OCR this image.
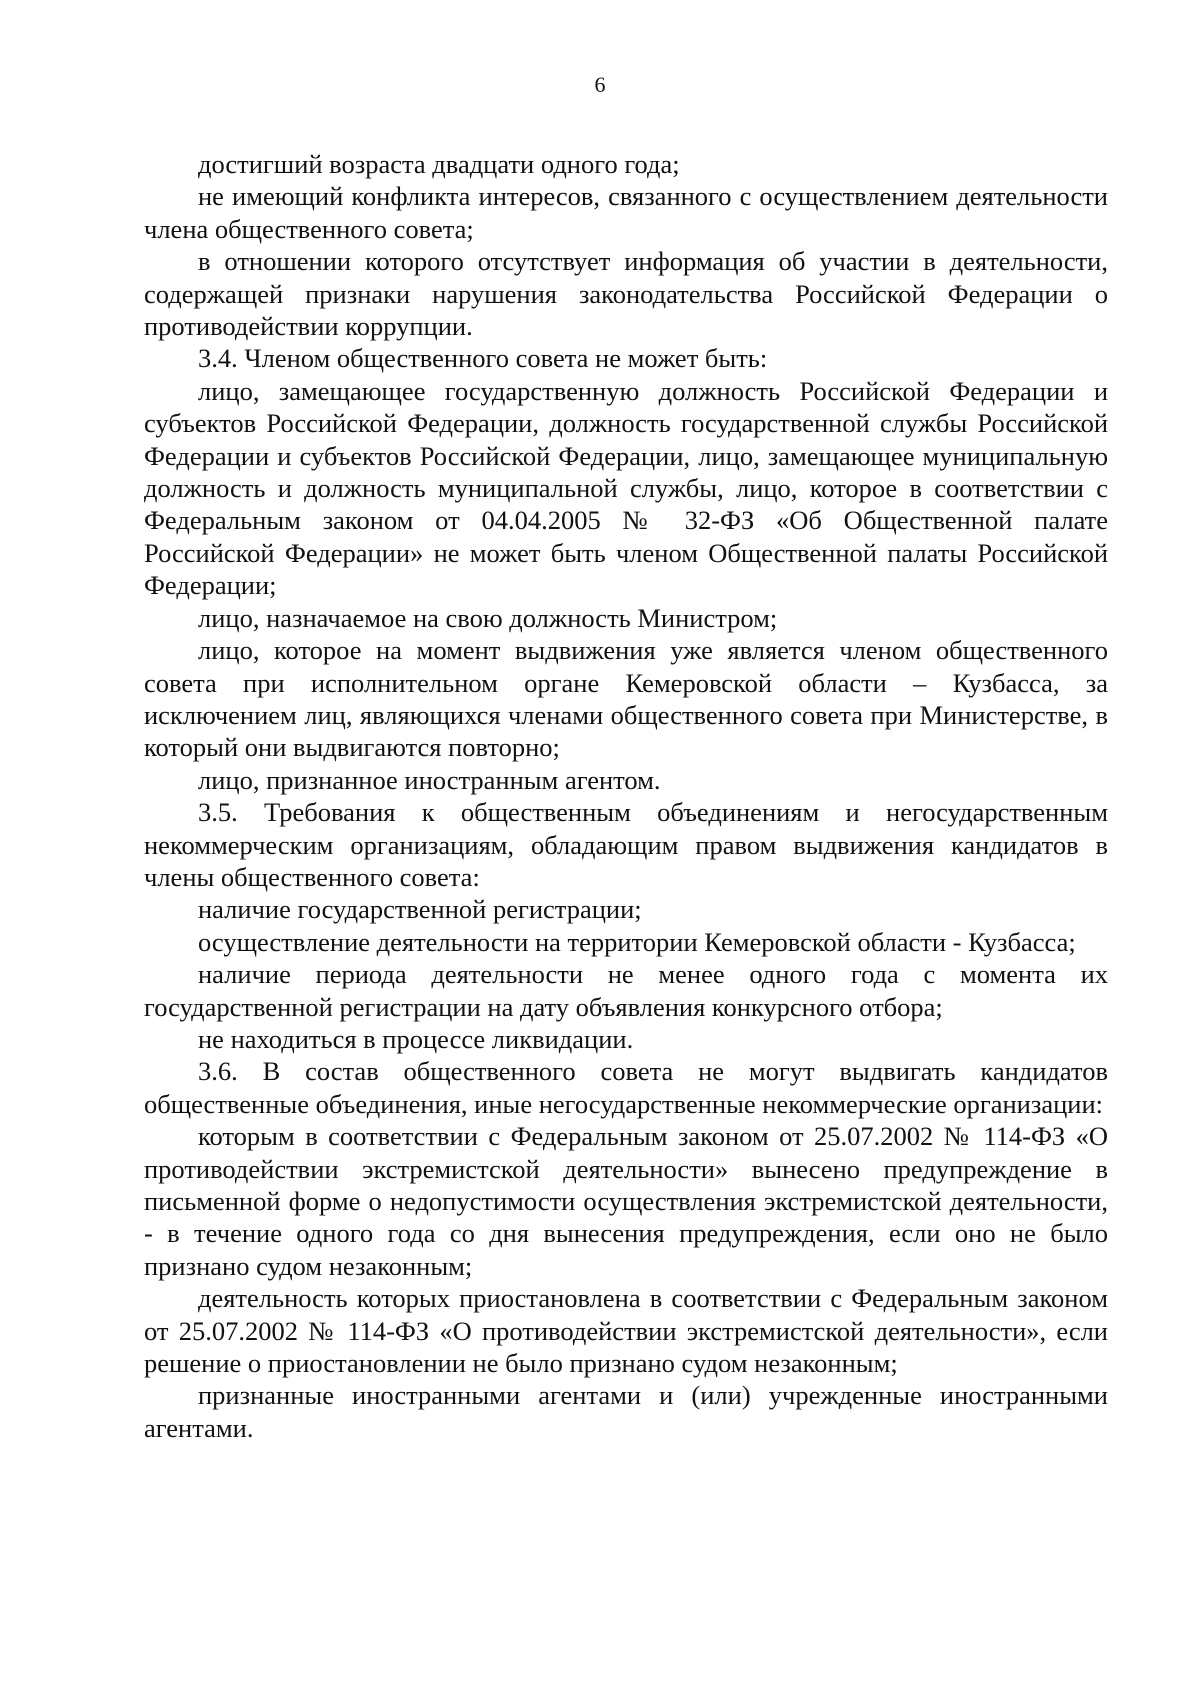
6

достигший возраста двадцати одного года;

не имеющий конфликта интересов, связанного с осуществлением деятельности члена общественного совета;

в отношении которого отсутствует информация об участии в деятельности, содержащей признаки нарушения законодательства Российской Федерации о противодействии коррупции.

3.4. Членом общественного совета не может быть:

лицо, замещающее государственную должность Российской Федерации и субъектов Российской Федерации, должность государственной службы Российской Федерации и субъектов Российской Федерации, лицо, замещающее муниципальную должность и должность муниципальной службы, лицо, которое в соответствии с Федеральным законом от 04.04.2005 № 32-ФЗ «Об Общественной палате Российской Федерации» не может быть членом Общественной палаты Российской Федерации;

лицо, назначаемое на свою должность Министром;

лицо, которое на момент выдвижения уже является членом общественного совета при исполнительном органе Кемеровской области – Кузбасса, за исключением лиц, являющихся членами общественного совета при Министерстве, в который они выдвигаются повторно;

лицо, признанное иностранным агентом.

3.5. Требования к общественным объединениям и негосударственным некоммерческим организациям, обладающим правом выдвижения кандидатов в члены общественного совета:

наличие государственной регистрации;

осуществление деятельности на территории Кемеровской области - Кузбасса;

наличие периода деятельности не менее одного года с момента их государственной регистрации на дату объявления конкурсного отбора;

не находиться в процессе ликвидации.

3.6. В состав общественного совета не могут выдвигать кандидатов общественные объединения, иные негосударственные некоммерческие организации:

которым в соответствии с Федеральным законом от 25.07.2002 № 114-ФЗ «О противодействии экстремистской деятельности» вынесено предупреждение в письменной форме о недопустимости осуществления экстремистской деятельности, - в течение одного года со дня вынесения предупреждения, если оно не было признано судом незаконным;

деятельность которых приостановлена в соответствии с Федеральным законом от 25.07.2002 № 114-ФЗ «О противодействии экстремистской деятельности», если решение о приостановлении не было признано судом незаконным;

признанные иностранными агентами и (или) учрежденные иностранными агентами.
